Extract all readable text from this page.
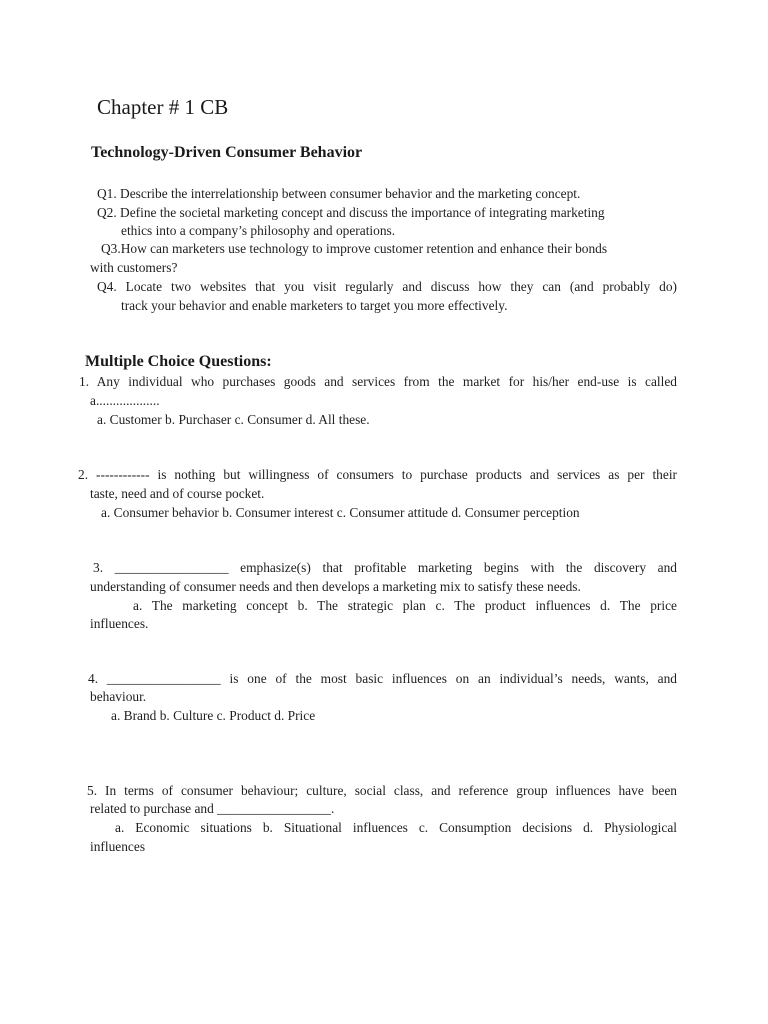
Chapter # 1 CB
Technology-Driven Consumer Behavior
Q1. Describe the interrelationship between consumer behavior and the marketing concept.
Q2. Define the societal marketing concept and discuss the importance of integrating marketing
ethics into a company’s philosophy and operations.
Q3.How can marketers use technology to improve customer retention and enhance their bonds
with customers?
Q4. Locate two websites that you visit regularly and discuss how they can (and probably do)
track your behavior and enable marketers to target you more effectively.
Multiple Choice Questions:
1. Any individual who purchases goods and services from the market for his/her end-use is called
a...................
a. Customer b. Purchaser c. Consumer d. All these.
2. ------------ is nothing but willingness of consumers to purchase products and services as per their
taste, need and of course pocket.
a. Consumer behavior b. Consumer interest c. Consumer attitude d. Consumer perception
3. _________________ emphasize(s) that profitable marketing begins with the discovery and
understanding of consumer needs and then develops a marketing mix to satisfy these needs.
a. The marketing concept b. The strategic plan c. The product influences d. The price
influences.
4. _________________ is one of the most basic influences on an individual’s needs, wants, and
behaviour.
a. Brand b. Culture c. Product d. Price
5. In terms of consumer behaviour; culture, social class, and reference group influences have been
related to purchase and _________________.
a. Economic situations b. Situational influences c. Consumption decisions d. Physiological
influences
